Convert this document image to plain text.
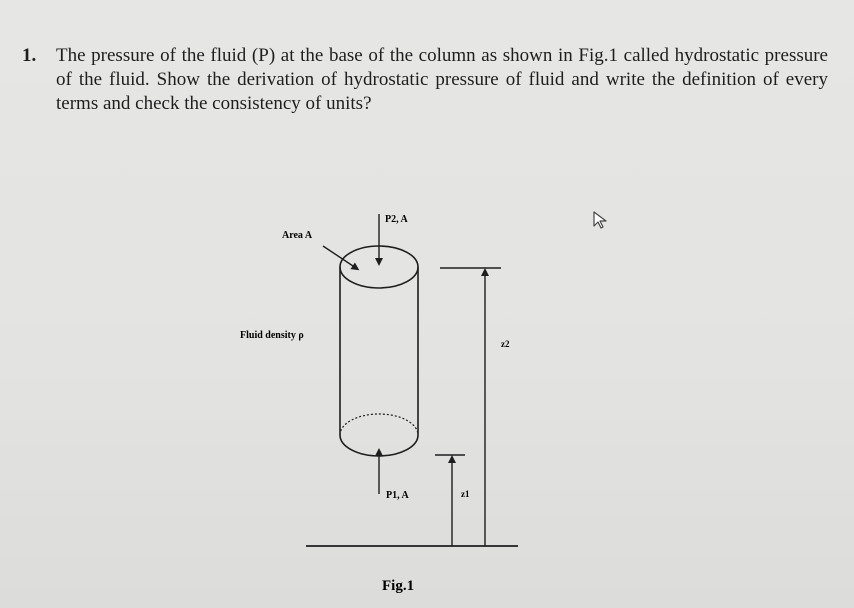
1. The pressure of the fluid (P) at the base of the column as shown in Fig.1 called hydrostatic pressure of the fluid. Show the derivation of hydrostatic pressure of fluid and write the definition of every terms and check the consistency of units?
P2, A
Area A
Fluid density ρ
P1, A
z2
z1
Fig.1
